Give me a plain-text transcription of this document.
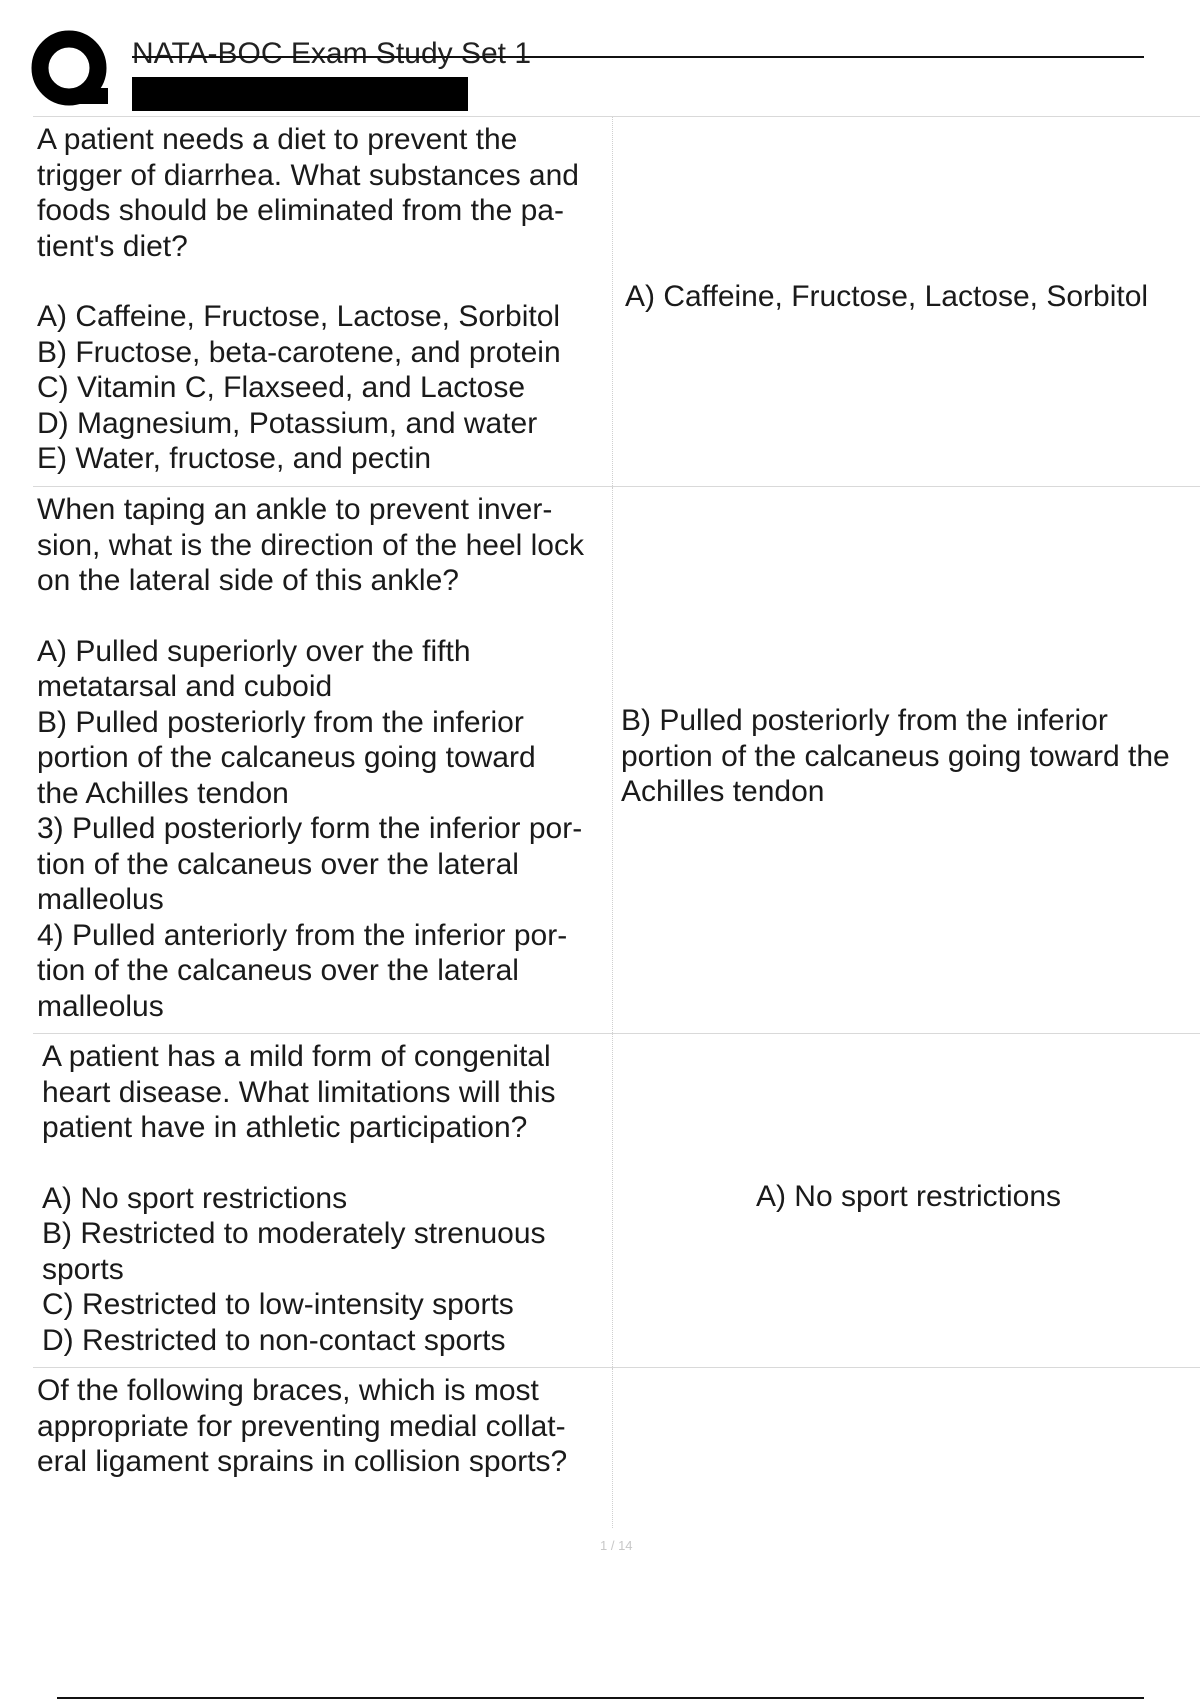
NATA-BOC Exam Study Set 1

A patient needs a diet to prevent the

trigger of diarrhea. What substances and

foods should be eliminated from the pa-

tient's diet?

A) Caffeine, Fructose, Lactose, Sorbitol

B) Fructose, beta-carotene, and protein

C) Vitamin C, Flaxseed, and Lactose

D) Magnesium, Potassium, and water

E) Water, fructose, and pectin

A) Caffeine, Fructose, Lactose, Sorbitol

When taping an ankle to prevent inver-

sion, what is the direction of the heel lock

on the lateral side of this ankle?

A) Pulled superiorly over the fifth

metatarsal and cuboid

B) Pulled posteriorly from the inferior

portion of the calcaneus going toward

the Achilles tendon

3) Pulled posteriorly form the inferior por-

tion of the calcaneus over the lateral

malleolus

4) Pulled anteriorly from the inferior por-

tion of the calcaneus over the lateral

malleolus

B) Pulled posteriorly from the inferior
portion of the calcaneus going toward the
Achilles tendon

A patient has a mild form of congenital

heart disease. What limitations will this

patient have in athletic participation?

A) No sport restrictions

B) Restricted to moderately strenuous

sports

C) Restricted to low-intensity sports

D) Restricted to non-contact sports

A) No sport restrictions

Of the following braces, which is most

appropriate for preventing medial collat-

eral ligament sprains in collision sports?

1 / 14
